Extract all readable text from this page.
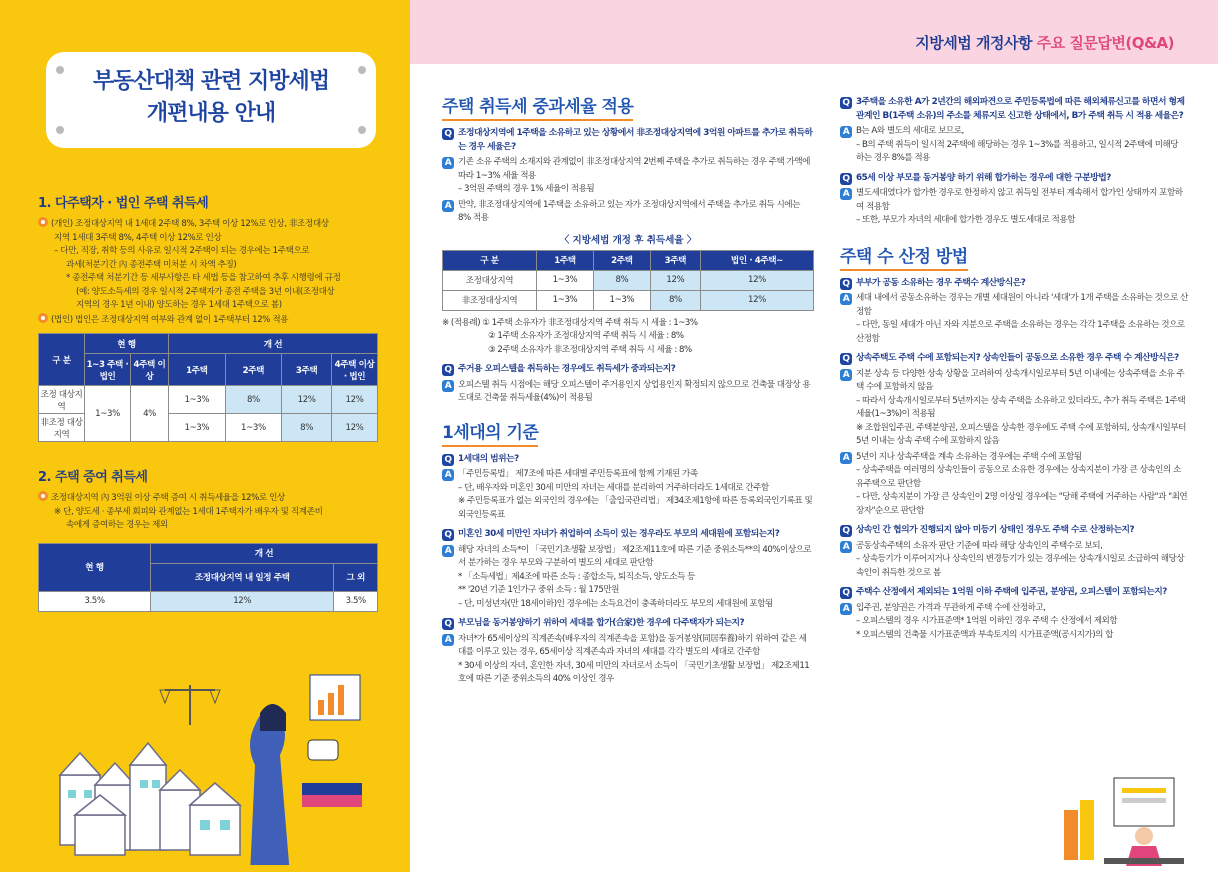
지방세법 개정사항 주요 질문답변(Q&A)
부동산대책 관련 지방세법
개편내용 안내
1. 다주택자 · 법인 주택 취득세
(개인) 조정대상지역 내 1세대 2주택 8%, 3주택 이상 12%로 인상, 非조정대상
지역 1세대 3주택 8%, 4주택 이상 12%로 인상
– 다만, 직장, 취학 등의 사유로 일시적 2주택이 되는 경우에는 1주택으로
과세(처분기간 內 종전주택 미처분 시 차액 추징)
* 종전주택 처분기간 등 세부사항은 타 세법 등을 참고하여 추후 시행령에 규정
(예: 양도소득세의 경우 일시적 2주택자가 종전 주택을 3년 이내(조정대상
지역의 경우 1년 이내) 양도하는 경우 1세대 1주택으로 봄)
(법인) 법인은 조정대상지역 여부와 관계 없이 1주택부터 12% 적용
구 분	현 행		개 선			
	1~3 주택 · 법인	4주택 이상	1주택	2주택	3주택	4주택 이상 · 법인
조정 대상지역	1~3%	4%	1~3%	8%	12%	12%
非조정 대상지역			1~3%	1~3%	8%	12%
2. 주택 증여 취득세
조정대상지역 內 3억원 이상 주택 증여 시 취득세율을 12%로 인상
※ 단, 양도세 · 종부세 회피와 관계없는 1세대 1주택자가 배우자 및 직계존비
속에게 증여하는 경우는 제외
현 행	개 선	
	조정대상지역 내 일정 주택	그 외
3.5%	12%	3.5%
주택 취득세 중과세율 적용
Q 조정대상지역에 1주택을 소유하고 있는 상황에서 非조정대상지역에 3억원 아파트를 추가로 취득하는 경우 세율은?
A 기존 소유 주택의 소재지와 관계없이 非조정대상지역 2번째 주택을 추가로 취득하는 경우 주택 가액에 따라 1~3% 세율 적용
– 3억원 주택의 경우 1% 세율이 적용됨
A 만약, 非조정대상지역에 1주택을 소유하고 있는 자가 조정대상지역에서 주택을 추가로 취득 시에는 8% 적용
〈 지방세법 개정 후 취득세율 〉
구 분	1주택	2주택	3주택	법인 · 4주택~
조정대상지역	1~3%	8%	12%	12%
非조정대상지역	1~3%	1~3%	8%	12%
※ (적용례) ① 1주택 소유자가 非조정대상지역 주택 취득 시 세율 : 1~3%
② 1주택 소유자가 조정대상지역 주택 취득 시 세율 : 8%
③ 2주택 소유자가 非조정대상지역 주택 취득 시 세율 : 8%
Q 주거용 오피스텔을 취득하는 경우에도 취득세가 중과되는지?
A 오피스텔 취득 시점에는 해당 오피스텔이 주거용인지 상업용인지 확정되지 않으므로 건축물 대장상 용도대로 건축물 취득세율(4%)이 적용됨
1세대의 기준
Q 1세대의 범위는?
A 「주민등록법」 제7조에 따른 세대별 주민등록표에 함께 기재된 가족
– 단, 배우자와 미혼인 30세 미만의 자녀는 세대를 분리하여 거주하더라도 1세대로 간주함
※ 주민등록표가 없는 외국인의 경우에는 「출입국관리법」 제34조제1항에 따른 등록외국인기록표 및 외국인등록표
Q 미혼인 30세 미만인 자녀가 취업하여 소득이 있는 경우라도 부모의 세대원에 포함되는지?
A 해당 자녀의 소득*이 「국민기초생활 보장법」 제2조제11호에 따른 기준 중위소득**의 40%이상으로서 분가하는 경우 부모와 구분하여 별도의 세대로 판단함
* 「소득세법」제4조에 따른 소득 : 종합소득, 퇴직소득, 양도소득 등
** '20년 기준 1인가구 중위 소득 : 월 175만원
– 단, 미성년자(만 18세이하)인 경우에는 소득요건이 충족하더라도 부모의 세대원에 포함됨
Q 부모님을 동거봉양하기 위하여 세대를 합가(合家)한 경우에 다주택자가 되는지?
A 자녀*가 65세이상의 직계존속(배우자의 직계존속을 포함)을 동거봉양(同居奉養)하기 위하여 같은 세대를 이루고 있는 경우, 65세이상 직계존속과 자녀의 세대를 각각 별도의 세대로 간주함
* 30세 이상의 자녀, 혼인한 자녀, 30세 미만의 자녀로서 소득이 「국민기초생활 보장법」 제2조제11호에 따른 기준 중위소득의 40% 이상인 경우
Q 3주택을 소유한 A가 2년간의 해외파견으로 주민등록법에 따른 해외체류신고를 하면서 형제관계인 B(1주택 소유)의 주소를 체류지로 신고한 상태에서, B가 주택 취득 시 적용 세율은?
A B는 A와 별도의 세대로 보므로,
– B의 주택 취득이 일시적 2주택에 해당하는 경우 1~3%를 적용하고, 일시적 2주택에 미해당 하는 경우 8%를 적용
Q 65세 이상 부모를 동거봉양 하기 위해 합가하는 경우에 대한 구분방법?
A 별도세대였다가 합가한 경우로 한정하지 않고 취득일 전부터 계속해서 합가인 상태까지 포함하여 적용함
– 또한, 부모가 자녀의 세대에 합가한 경우도 별도세대로 적용함
주택 수 산정 방법
Q 부부가 공동 소유하는 경우 주택수 계산방식은?
A 세대 내에서 공동소유하는 경우는 개별 세대원이 아니라 '세대'가 1개 주택을 소유하는 것으로 산정함
– 다만, 동일 세대가 아닌 자와 지분으로 주택을 소유하는 경우는 각각 1주택을 소유하는 것으로 산정함
Q 상속주택도 주택 수에 포함되는지? 상속인들이 공동으로 소유한 경우 주택 수 계산방식은?
A 지분 상속 등 다양한 상속 상황을 고려하여 상속개시일로부터 5년 이내에는 상속주택을 소유 주택 수에 포함하지 않음
– 따라서 상속개시일로부터 5년까지는 상속 주택을 소유하고 있더라도, 추가 취득 주택은 1주택 세율(1~3%)이 적용됨
※ 조합원입주권, 주택분양권, 오피스텔을 상속한 경우에도 주택 수에 포함하되, 상속개시일부터 5년 이내는 상속 주택 수에 포함하지 않음
A 5년이 지나 상속주택을 계속 소유하는 경우에는 주택 수에 포함됨
– 상속주택을 여러명의 상속인들이 공동으로 소유한 경우에는 상속지분이 가장 큰 상속인의 소유주택으로 판단함
– 다만, 상속지분이 가장 큰 상속인이 2명 이상일 경우에는 "당해 주택에 거주하는 사람"과 "최연장자"순으로 판단함
Q 상속인 간 협의가 진행되지 않아 미등기 상태인 경우도 주택 수로 산정하는지?
A 공동상속주택의 소유자 판단 기준에 따라 해당 상속인의 주택수로 보되,
– 상속등기가 이루어지거나 상속인의 변경등기가 있는 경우에는 상속개시일로 소급하여 해당상속인이 취득한 것으로 봄
Q 주택수 산정에서 제외되는 1억원 이하 주택에 입주권, 분양권, 오피스텔이 포함되는지?
A 입주권, 분양권은 가격과 무관하게 주택 수에 산정하고,
– 오피스텔의 경우 시가표준액* 1억원 이하인 경우 주택 수 산정에서 제외함
* 오피스텔의 건축물 시가표준액과 부속토지의 시가표준액(공시지가)의 합
